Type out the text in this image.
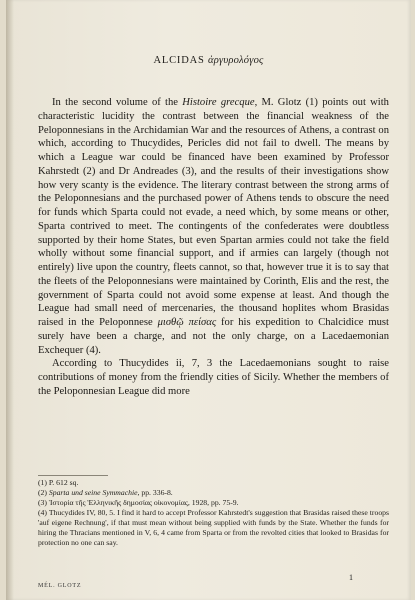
ALCIDAS ἀργυρολόγος

In the second volume of the Histoire grecque, M. Glotz (1) points out with characteristic lucidity the contrast between the financial weakness of the Peloponnesians in the Archidamian War and the resources of Athens, a contrast on which, according to Thucydides, Pericles did not fail to dwell. The means by which a League war could be financed have been examined by Professor Kahrstedt (2) and Dr Andreades (3), and the results of their investigations show how very scanty is the evidence. The literary contrast between the strong arms of the Peloponnesians and the purchased power of Athens tends to obscure the need for funds which Sparta could not evade, a need which, by some means or other, Sparta contrived to meet. The contingents of the confederates were doubtless supported by their home States, but even Spartan armies could not take the field wholly without some financial support, and if armies can largely (though not entirely) live upon the country, fleets cannot, so that, however true it is to say that the fleets of the Peloponnesians were maintained by Corinth, Elis and the rest, the government of Sparta could not avoid some expense at least. And though the League had small need of mercenaries, the thousand hoplites whom Brasidas raised in the Peloponnese μισθῷ πείσας for his expedition to Chalcidice must surely have been a charge, and not the only charge, on a Lacedaemonian Exchequer (4).

According to Thucydides ii, 7, 3 the Lacedaemonians sought to raise contributions of money from the friendly cities of Sicily. Whether the members of the Peloponnesian League did more

(1) P. 612 sq.
(2) Sparta und seine Symmachie, pp. 336-8.
(3) Ἱστορία τῆς Ἑλληνικῆς δημοσίας οἰκονομίας, 1928, pp. 75-9.
(4) Thucydides IV, 80, 5. I find it hard to accept Professor Kahrstedt's suggestion that Brasidas raised these troops 'auf eigene Rechnung', if that must mean without being supplied with funds by the State. Whether the funds for hiring the Thracians mentioned in V, 6, 4 came from Sparta or from the revolted cities that looked to Brasidas for protection no one can say.
1
MÉL. GLOTZ
